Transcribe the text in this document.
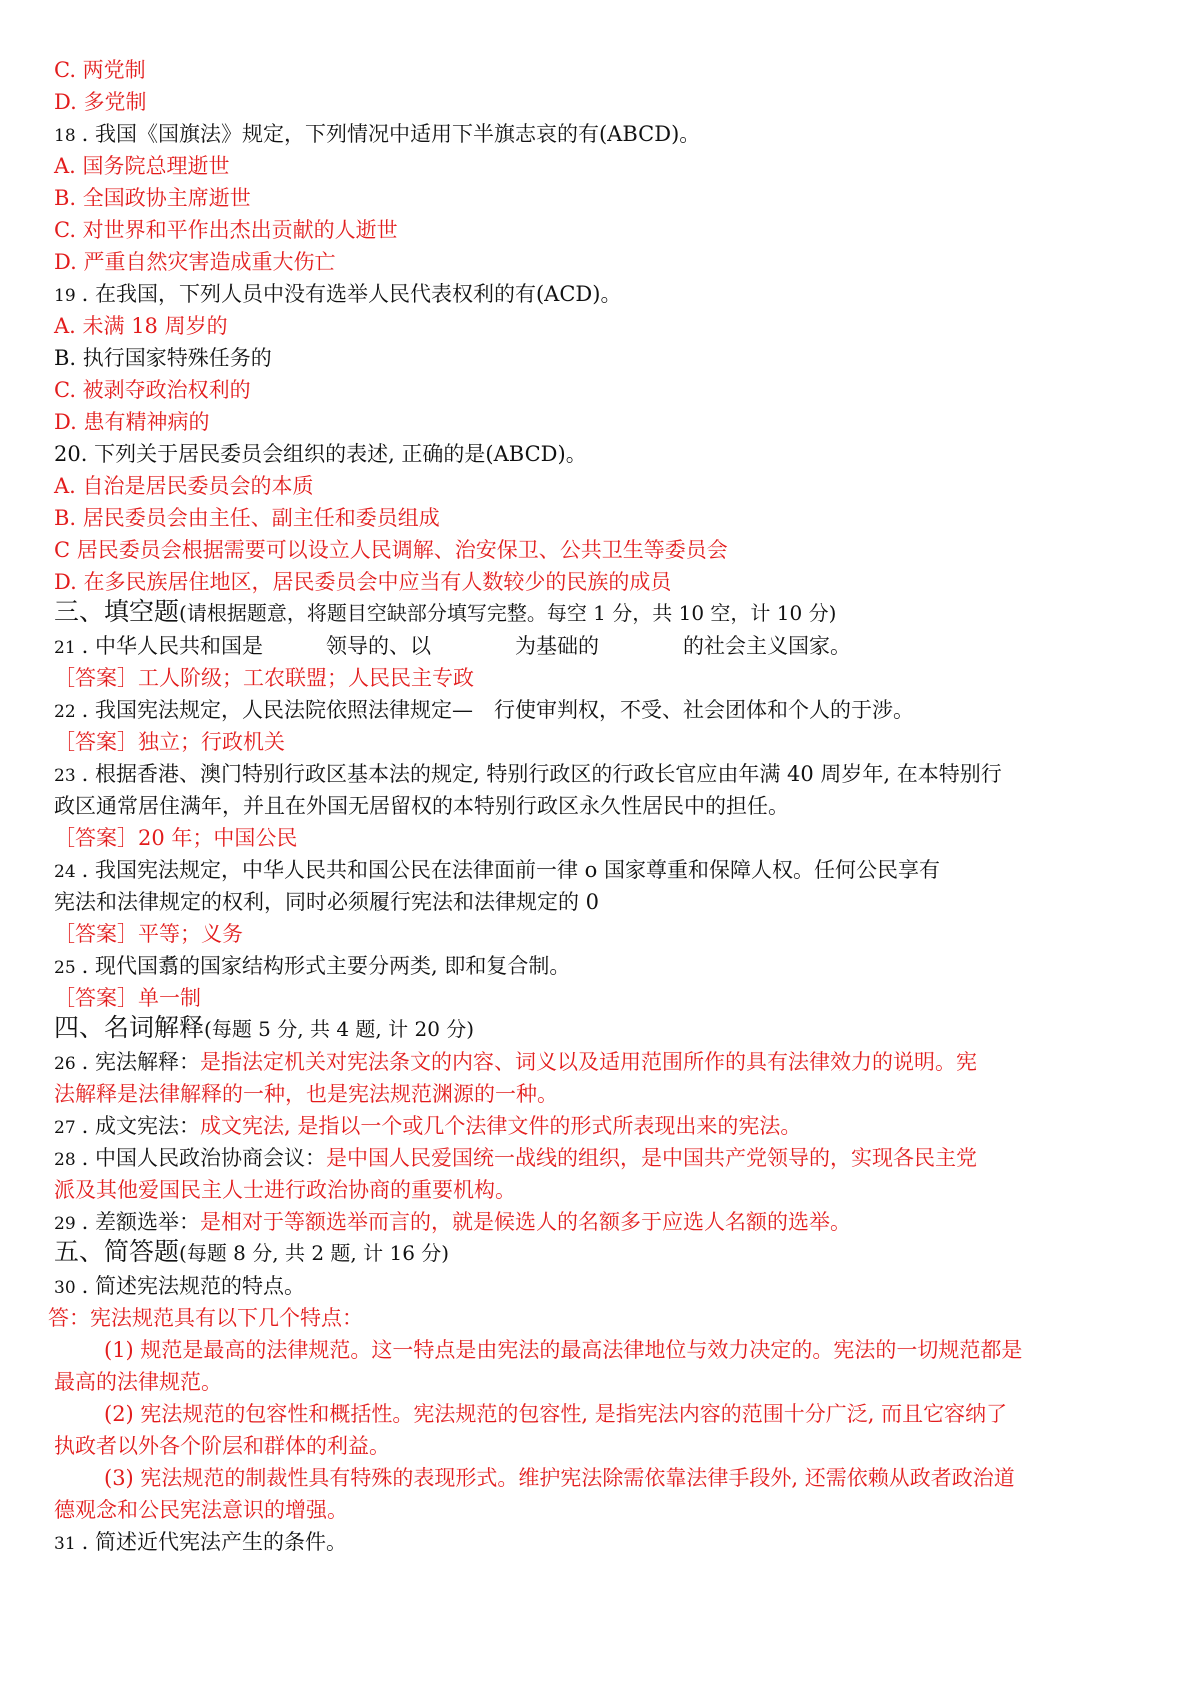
C. 两党制
D. 多党制
18 . 我国《国旗法》规定，下列情况中适用下半旗志哀的有(ABCD)。
A. 国务院总理逝世
B. 全国政协主席逝世
C. 对世界和平作出杰出贡献的人逝世
D. 严重自然灾害造成重大伤亡
19 . 在我国，下列人员中没有选举人民代表权利的有(ACD)。
A. 未满 18 周岁的
B. 执行国家特殊任务的
C. 被剥夺政治权利的
D. 患有精神病的
20. 下列关于居民委员会组织的表述, 正确的是(ABCD)。
A. 自治是居民委员会的本质
B. 居民委员会由主任、副主任和委员组成
C 居民委员会根据需要可以设立人民调解、治安保卫、公共卫生等委员会
D. 在多民族居住地区，居民委员会中应当有人数较少的民族的成员
三、填空题(请根据题意，将题目空缺部分填写完整。每空 1 分，共 10 空，计 10 分)
21 . 中华人民共和国是　　　领导的、以　　　　为基础的　　　　的社会主义国家。
［答案］工人阶级；工农联盟；人民民主专政
22 . 我国宪法规定，人民法院依照法律规定—　行使审判权，不受、社会团体和个人的于涉。
［答案］独立；行政机关
23 . 根据香港、澳门特别行政区基本法的规定, 特别行政区的行政长官应由年满 40 周岁年, 在本特别行
政区通常居住满年，并且在外国无居留权的本特别行政区永久性居民中的担任。
［答案］20 年；中国公民
24 . 我国宪法规定，中华人民共和国公民在法律面前一律 o 国家尊重和保障人权。任何公民享有
宪法和法律规定的权利，同时必须履行宪法和法律规定的 0
［答案］平等；义务
25 . 现代国翥的国家结构形式主要分两类, 即和复合制。
［答案］单一制
四、名词解释(每题 5 分, 共 4 题, 计 20 分)
26 . 宪法解释：是指法定机关对宪法条文的内容、词义以及适用范围所作的具有法律效力的说明。宪
法解释是法律解释的一种，也是宪法规范渊源的一种。
27 . 成文宪法：成文宪法, 是指以一个或几个法律文件的形式所表现出来的宪法。
28 . 中国人民政治协商会议：是中国人民爱国统一战线的组织，是中国共产党领导的，实现各民主党
派及其他爱国民主人士进行政治协商的重要机构。
29 . 差额选举：是相对于等额选举而言的，就是候选人的名额多于应选人名额的选举。
五、简答题(每题 8 分, 共 2 题, 计 16 分)
30 . 简述宪法规范的特点。
答：宪法规范具有以下几个特点：
(1) 规范是最高的法律规范。这一特点是由宪法的最高法律地位与效力决定的。宪法的一切规范都是
最高的法律规范。
(2) 宪法规范的包容性和概括性。宪法规范的包容性, 是指宪法内容的范围十分广泛, 而且它容纳了
执政者以外各个阶层和群体的利益。
(3) 宪法规范的制裁性具有特殊的表现形式。维护宪法除需依靠法律手段外, 还需依赖从政者政治道
德观念和公民宪法意识的增强。
31 . 简述近代宪法产生的条件。
